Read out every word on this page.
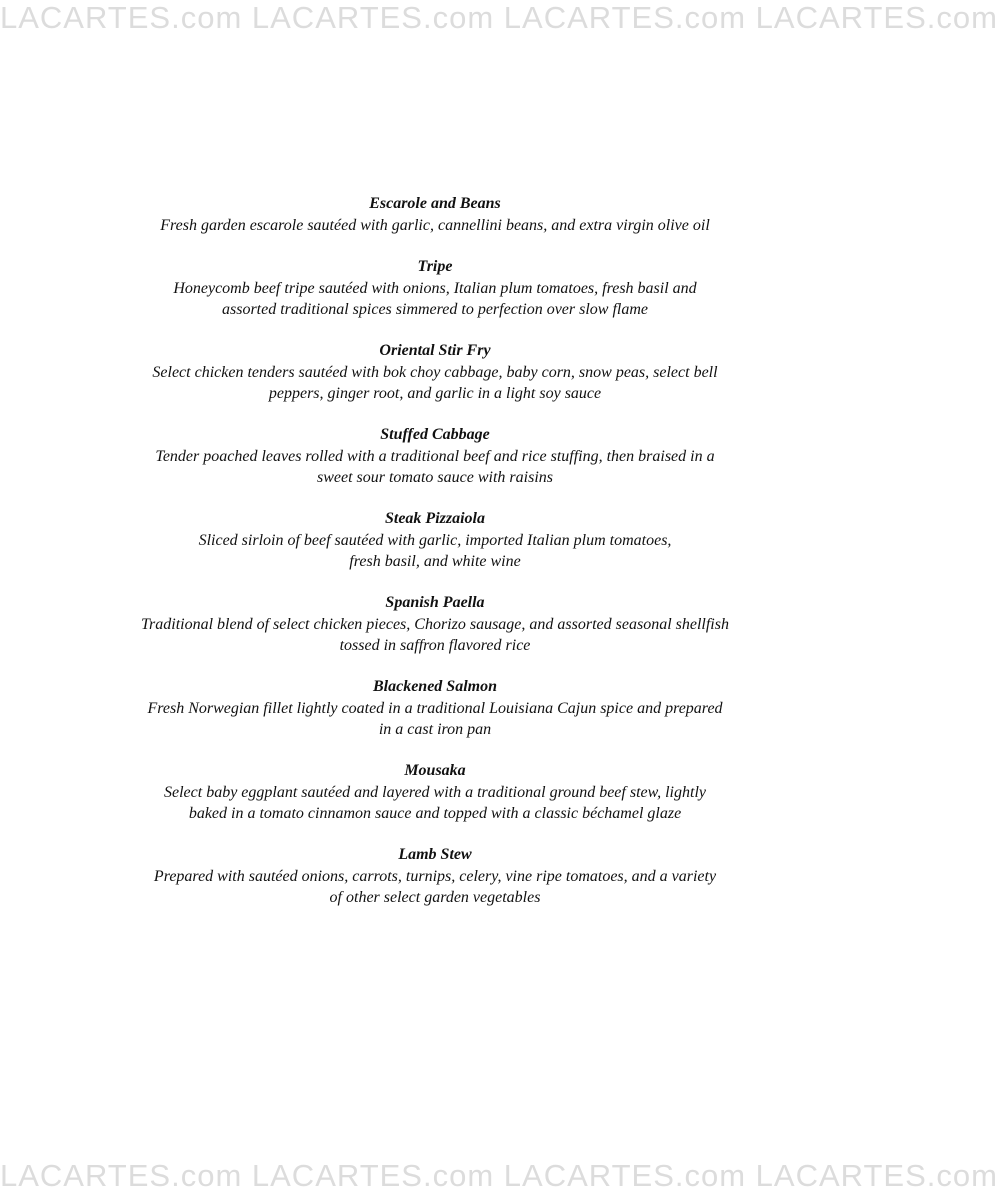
LACARTES.com LACARTES.com LACARTES.com LACARTES.com
Escarole and Beans
Fresh garden escarole sautéed with garlic, cannellini beans, and extra virgin olive oil
Tripe
Honeycomb beef tripe sautéed with onions, Italian plum tomatoes, fresh basil and
assorted traditional spices simmered to perfection over slow flame
Oriental Stir Fry
Select chicken tenders sautéed with bok choy cabbage, baby corn, snow peas, select bell
peppers, ginger root, and garlic in a light soy sauce
Stuffed Cabbage
Tender poached leaves rolled with a traditional beef and rice stuffing, then braised in a
sweet sour tomato sauce with raisins
Steak Pizzaiola
Sliced sirloin of beef sautéed with garlic, imported Italian plum tomatoes,
fresh basil, and white wine
Spanish Paella
Traditional blend of select chicken pieces, Chorizo sausage, and assorted seasonal shellfish
tossed in saffron flavored rice
Blackened Salmon
Fresh Norwegian fillet lightly coated in a traditional Louisiana Cajun spice and prepared
in a cast iron pan
Mousaka
Select baby eggplant sautéed and layered with a traditional ground beef stew, lightly
baked in a tomato cinnamon sauce and topped with a classic béchamel glaze
Lamb Stew
Prepared with sautéed onions, carrots, turnips, celery, vine ripe tomatoes, and a variety
of other select garden vegetables
LACARTES.com LACARTES.com LACARTES.com LACARTES.com
